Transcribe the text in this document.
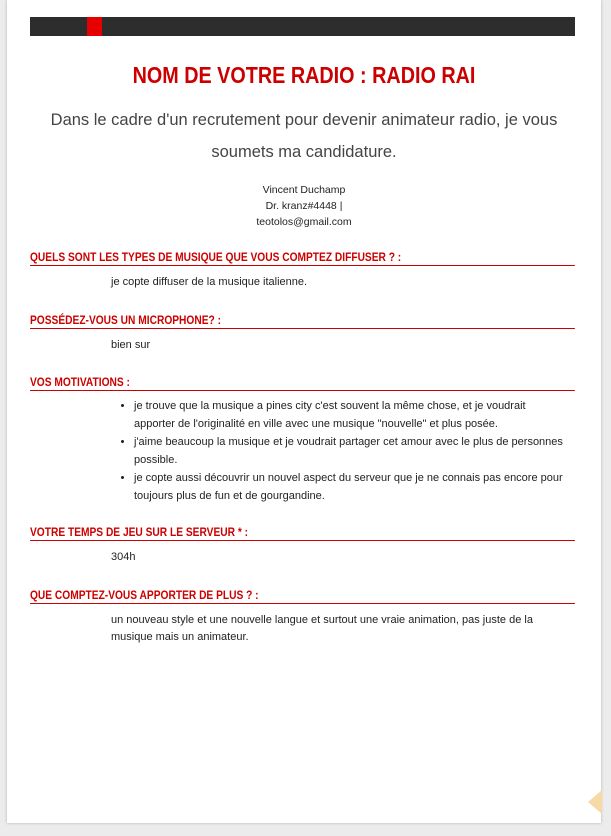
NOM DE VOTRE RADIO : RADIO RAI
Dans le cadre d'un recrutement pour devenir animateur radio, je vous soumets ma candidature.
Vincent Duchamp
Dr. kranz#4448 |
teotolos@gmail.com
QUELS SONT LES TYPES DE MUSIQUE QUE VOUS COMPTEZ DIFFUSER ? :
je copte diffuser de la musique italienne.
POSSÉDEZ-VOUS UN MICROPHONE? :
bien sur
VOS MOTIVATIONS :
• je trouve que la musique a pines city c'est souvent la même chose, et je voudrait apporter de l'originalité en ville avec une musique "nouvelle" et plus posée.
• j'aime beaucoup la musique et je voudrait partager cet amour avec le plus de personnes possible.
• je copte aussi découvrir un nouvel aspect du serveur que je ne connais pas encore pour toujours plus de fun et de gourgandine.
VOTRE TEMPS DE JEU SUR LE SERVEUR * :
304h
QUE COMPTEZ-VOUS APPORTER DE PLUS ? :
un nouveau style et une nouvelle langue et surtout une vraie animation, pas juste de la musique mais un animateur.
